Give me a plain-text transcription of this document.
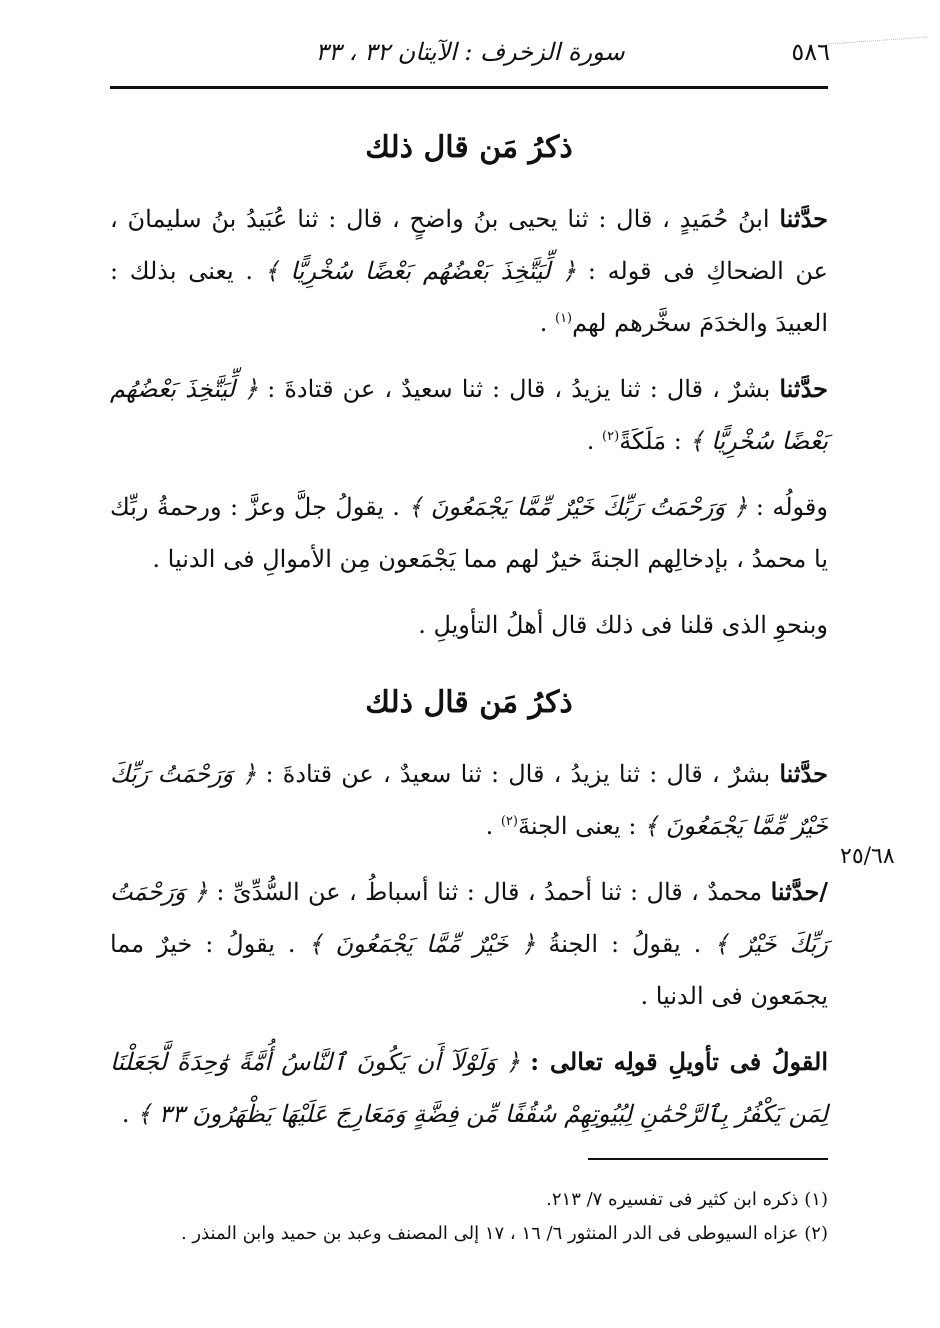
٥٨٦
سورة الزخرف : الآيتان ٣٢ ، ٣٣
ذكرُ مَن قال ذلك

حدَّثنا ابنُ حُمَيدٍ ، قال : ثنا يحيى بنُ واضحٍ ، قال : ثنا عُبَيدُ بنُ سليمانَ ، عن الضحاكِ فى قوله : ﴿ لِّيَتَّخِذَ بَعْضُهُم بَعْضًا سُخْرِيًّا ﴾ . يعنى بذلك : العبيدَ والخدَمَ سخَّرهم لهم$^{(١)}$ .

حدَّثنا بشرٌ ، قال : ثنا يزيدُ ، قال : ثنا سعيدٌ ، عن قتادةَ : ﴿ لِّيَتَّخِذَ بَعْضُهُم بَعْضًا سُخْرِيًّا ﴾ : مَلَكَةً$^{(٢)}$ .

وقولُه : ﴿ وَرَحْمَتُ رَبِّكَ خَيْرٌ مِّمَّا يَجْمَعُونَ ﴾ . يقولُ جلَّ وعزَّ : ورحمةُ ربِّك يا محمدُ ، بإدخالِهم الجنةَ خيرٌ لهم مما يَجْمَعون مِن الأموالِ فى الدنيا .

وبنحوِ الذى قلنا فى ذلك قال أهلُ التأويلِ .

ذكرُ مَن قال ذلك

حدَّثنا بشرٌ ، قال : ثنا يزيدُ ، قال : ثنا سعيدٌ ، عن قتادةَ : ﴿ وَرَحْمَتُ رَبِّكَ خَيْرٌ مِّمَّا يَجْمَعُونَ ﴾ : يعنى الجنةَ$^{(٢)}$ .

/حدَّثنا محمدٌ ، قال : ثنا أحمدُ ، قال : ثنا أسباطُ ، عن السُّدِّىِّ : ﴿ وَرَحْمَتُ رَبِّكَ خَيْرٌ ﴾ . يقولُ : الجنةُ ﴿ خَيْرٌ مِّمَّا يَجْمَعُونَ ﴾ . يقولُ : خيرٌ مما يجمَعون فى الدنيا .

القولُ فى تأويلِ قولِه تعالى : ﴿ وَلَوْلَآ أَن يَكُونَ ٱلنَّاسُ أُمَّةً وَٰحِدَةً لَّجَعَلْنَا لِمَن يَكْفُرُ بِٱلرَّحْمَٰنِ لِبُيُوتِهِمْ سُقُفًا مِّن فِضَّةٍ وَمَعَارِجَ عَلَيْهَا يَظْهَرُونَ ٣٣ ﴾ .

٢٥/٦٨
(١) ذكره ابن كثير فى تفسيره ٧/ ٢١٣.
(٢) عزاه السيوطى فى الدر المنثور ٦/ ١٦ ، ١٧ إلى المصنف وعبد بن حميد وابن المنذر .
